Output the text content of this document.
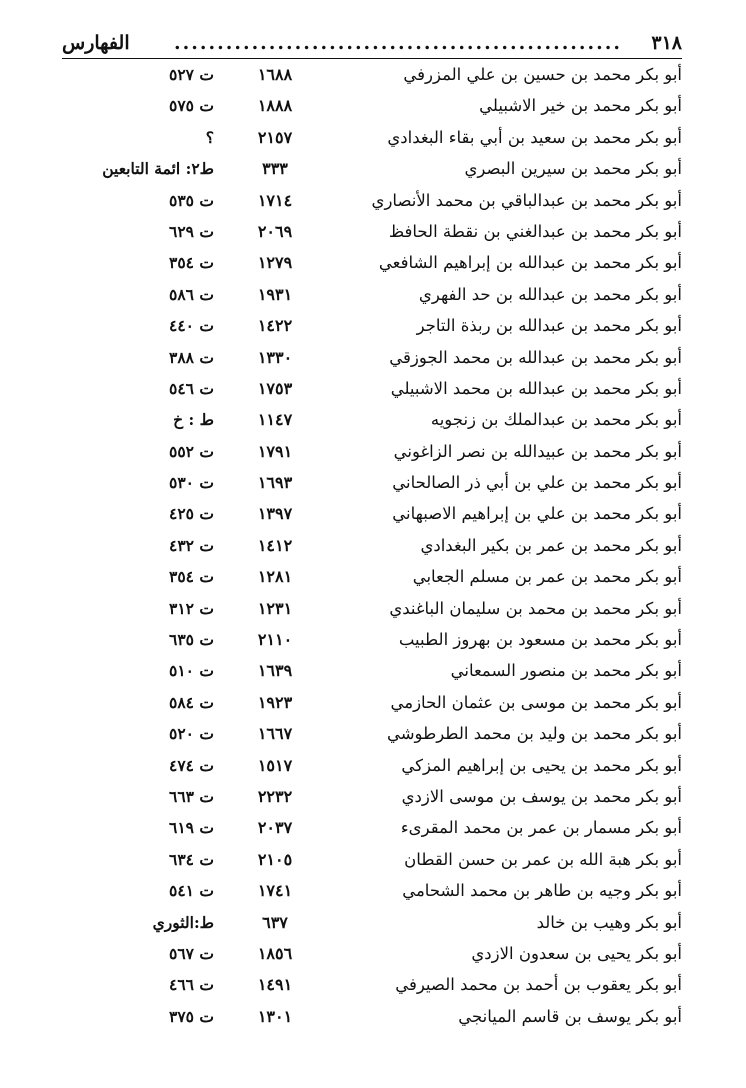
٣١٨
....................................................
الفهارس
أبو بكر محمد بن حسين بن علي المزرفي
١٦٨٨
ت ٥٢٧
أبو بكر محمد بن خير الاشبيلي
١٨٨٨
ت ٥٧٥
أبو بكر محمد بن سعيد بن أبي بقاء البغدادي
٢١٥٧
؟
أبو بكر محمد بن سيرين البصري
٣٣٣
ط٢: ائمة التابعين
أبو بكر محمد بن عبدالباقي بن محمد الأنصاري
١٧١٤
ت ٥٣٥
أبو بكر محمد بن عبدالغني بن نقطة الحافظ
٢٠٦٩
ت ٦٢٩
أبو بكر محمد بن عبدالله بن إبراهيم الشافعي
١٢٧٩
ت ٣٥٤
أبو بكر محمد بن عبدالله بن حد الفهري
١٩٣١
ت ٥٨٦
أبو بكر محمد بن عبدالله بن ربذة التاجر
١٤٢٢
ت ٤٤٠
أبو بكر محمد بن عبدالله بن محمد الجوزقي
١٣٣٠
ت ٣٨٨
أبو بكر محمد بن عبدالله بن محمد الاشبيلي
١٧٥٣
ت ٥٤٦
أبو بكر محمد بن عبدالملك بن زنجويه
١١٤٧
ط : خ
أبو بكر محمد بن عبيدالله بن نصر الزاغوني
١٧٩١
ت ٥٥٢
أبو بكر محمد بن علي بن أبي ذر الصالحاني
١٦٩٣
ت ٥٣٠
أبو بكر محمد بن علي بن إبراهيم الاصبهاني
١٣٩٧
ت ٤٢٥
أبو بكر محمد بن عمر بن بكير البغدادي
١٤١٢
ت ٤٣٢
أبو بكر محمد بن عمر بن مسلم الجعابي
١٢٨١
ت ٣٥٤
أبو بكر محمد بن محمد بن سليمان الباغندي
١٢٣١
ت ٣١٢
أبو بكر محمد بن مسعود بن بهروز الطبيب
٢١١٠
ت ٦٣٥
أبو بكر محمد بن منصور السمعاني
١٦٣٩
ت ٥١٠
أبو بكر محمد بن موسى بن عثمان الحازمي
١٩٢٣
ت ٥٨٤
أبو بكر محمد بن وليد بن محمد الطرطوشي
١٦٦٧
ت ٥٢٠
أبو بكر محمد بن يحيى بن إبراهيم المزكي
١٥١٧
ت ٤٧٤
أبو بكر محمد بن يوسف بن موسى الازدي
٢٢٣٢
ت ٦٦٣
أبو بكر مسمار بن عمر بن محمد المقرىء
٢٠٣٧
ت ٦١٩
أبو بكر هبة الله بن عمر بن حسن القطان
٢١٠٥
ت ٦٣٤
أبو بكر وجيه بن طاهر بن محمد الشحامي
١٧٤١
ت ٥٤١
أبو بكر وهيب بن خالد
٦٣٧
ط:الثوري
أبو بكر يحيى بن سعدون الازدي
١٨٥٦
ت ٥٦٧
أبو بكر يعقوب بن أحمد بن محمد الصيرفي
١٤٩١
ت ٤٦٦
أبو بكر يوسف بن قاسم الميانجي
١٣٠١
ت ٣٧٥
